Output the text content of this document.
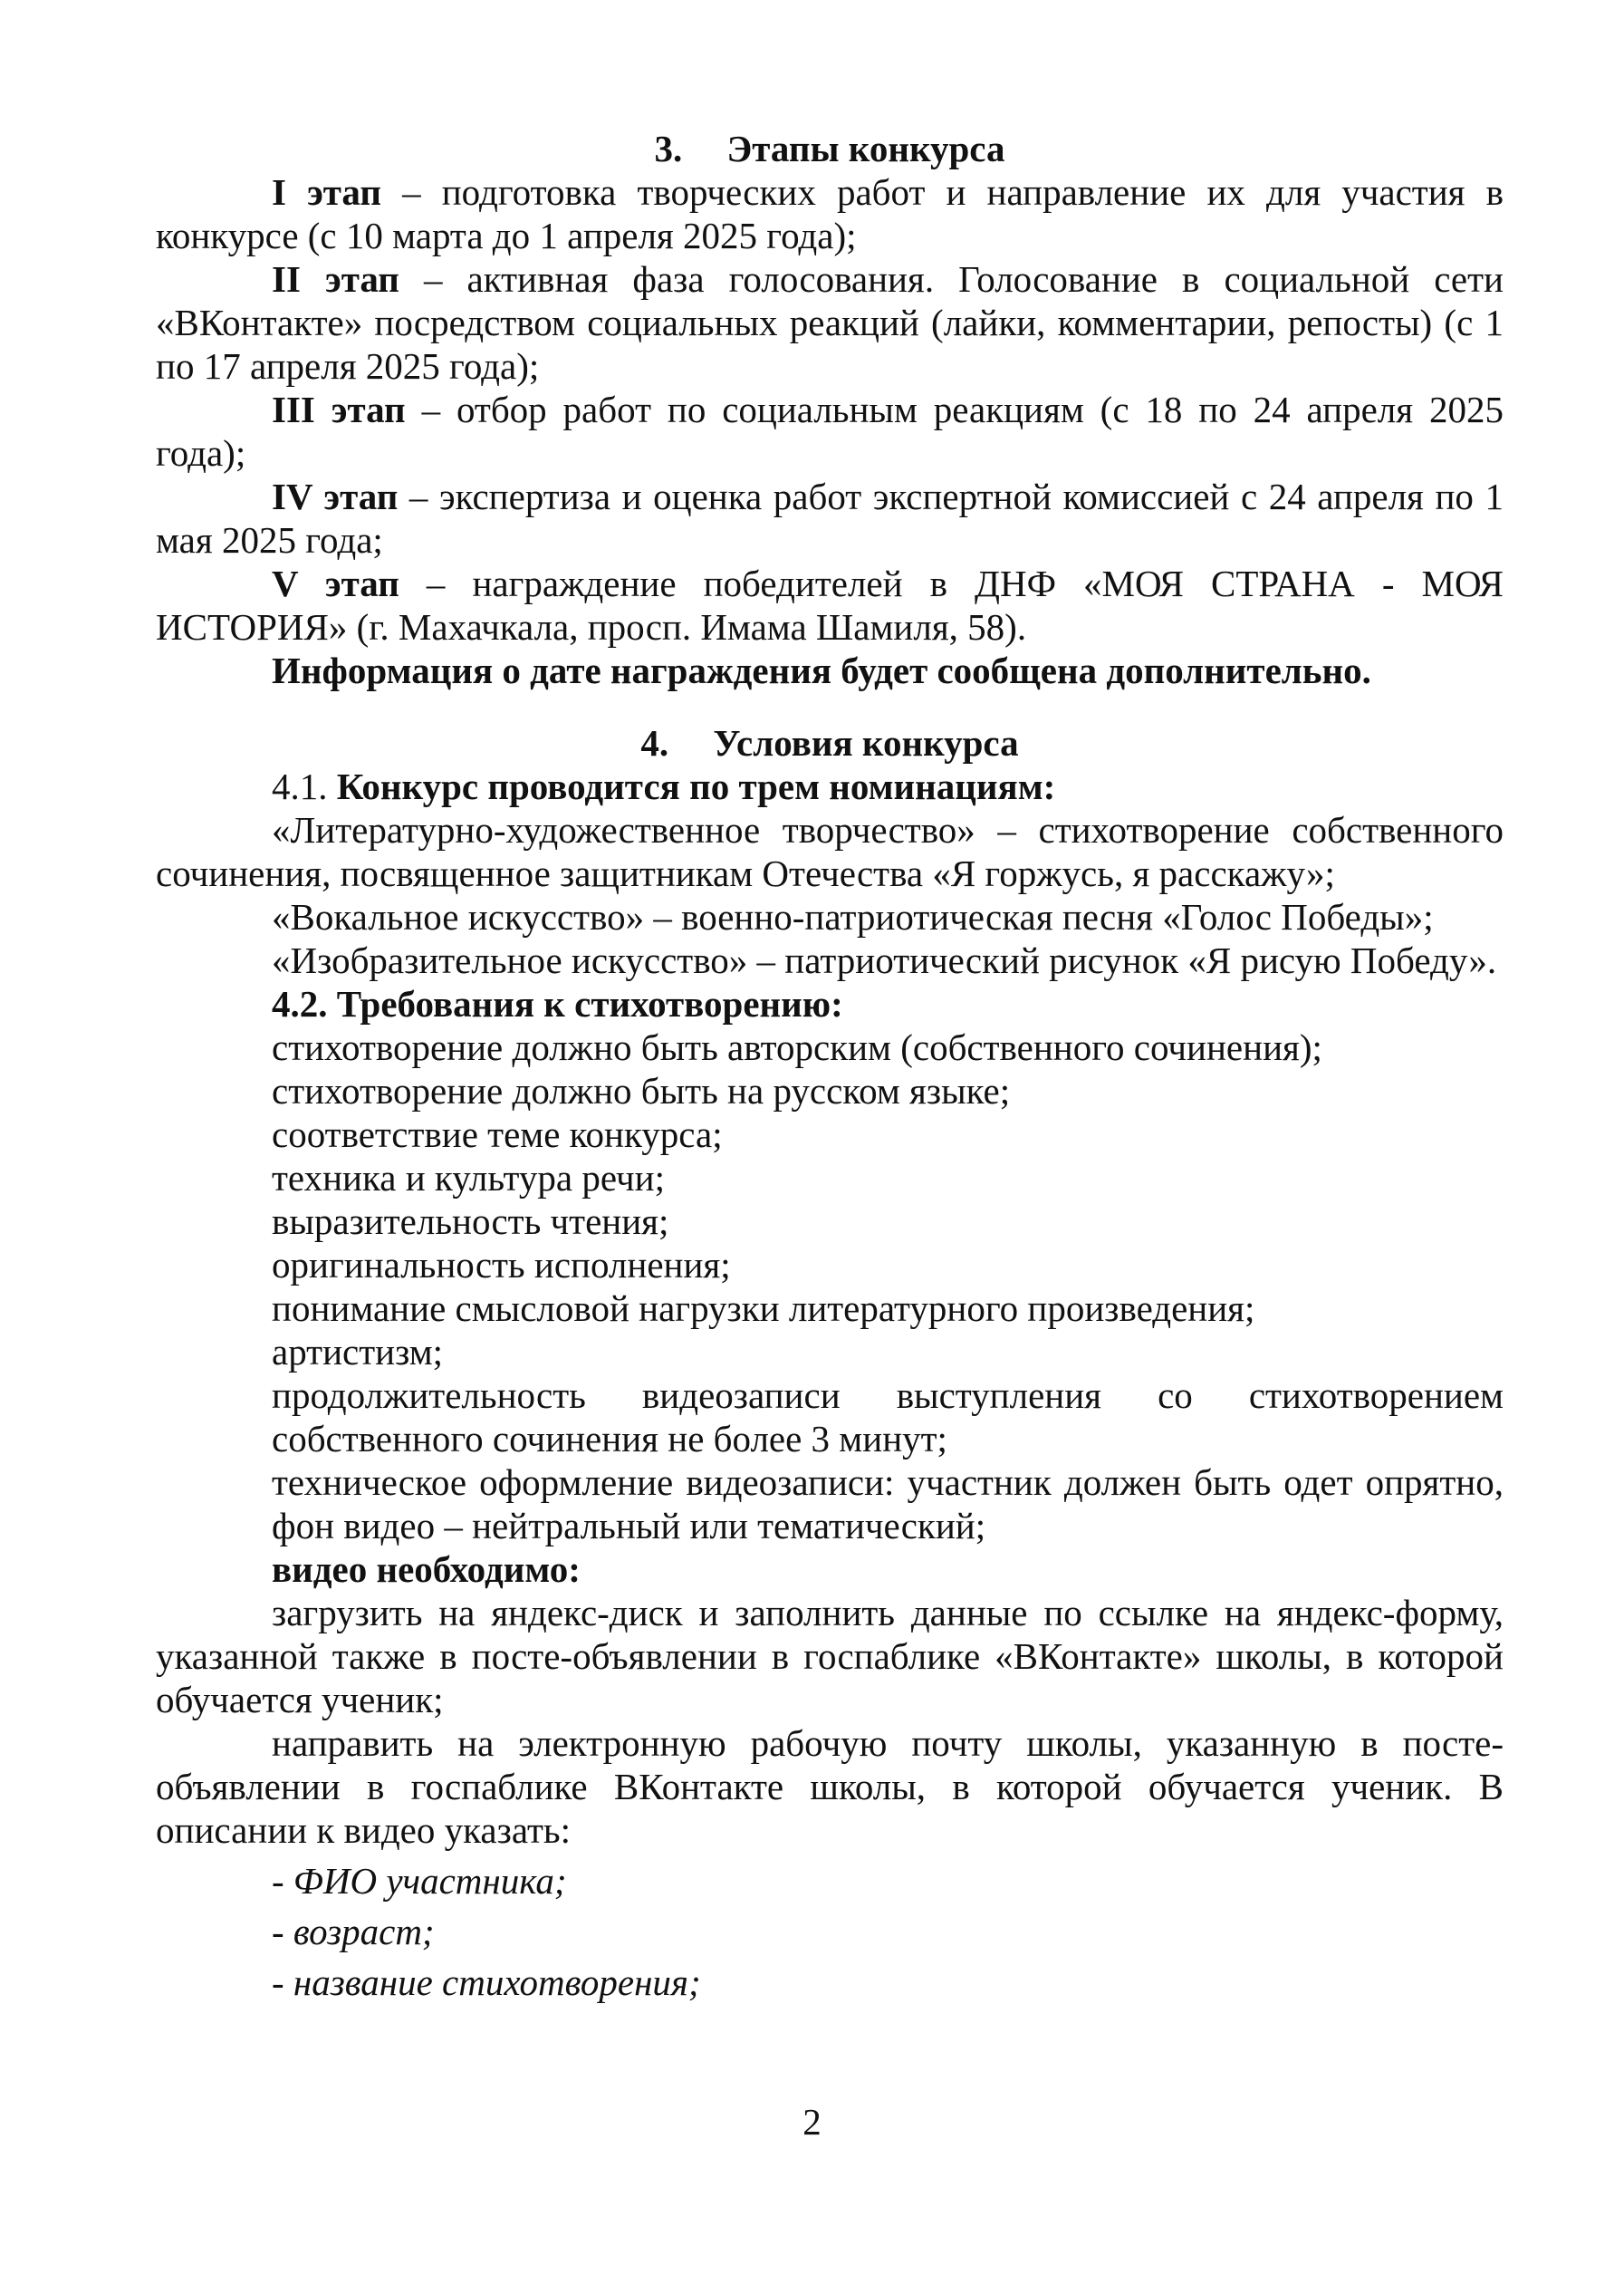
3. Этапы конкурса

I этап – подготовка творческих работ и направление их для участия в конкурсе (с 10 марта до 1 апреля 2025 года);

II этап – активная фаза голосования. Голосование в социальной сети «ВКонтакте» посредством социальных реакций (лайки, комментарии, репосты) (с 1 по 17 апреля 2025 года);

III этап – отбор работ по социальным реакциям (с 18 по 24 апреля 2025 года);

IV этап – экспертиза и оценка работ экспертной комиссией с 24 апреля по 1 мая 2025 года;

V этап – награждение победителей в ДНФ «МОЯ СТРАНА - МОЯ ИСТОРИЯ» (г. Махачкала, просп. Имама Шамиля, 58).

Информация о дате награждения будет сообщена дополнительно.

4. Условия конкурса

4.1. Конкурс проводится по трем номинациям:

«Литературно-художественное творчество» – стихотворение собственного сочинения, посвященное защитникам Отечества «Я горжусь, я расскажу»;

«Вокальное искусство» – военно-патриотическая песня «Голос Победы»;

«Изобразительное искусство» – патриотический рисунок «Я рисую Победу».

4.2. Требования к стихотворению:

стихотворение должно быть авторским (собственного сочинения);

стихотворение должно быть на русском языке;

соответствие теме конкурса;

техника и культура речи;

выразительность чтения;

оригинальность исполнения;

понимание смысловой нагрузки литературного произведения;

артистизм;

продолжительность видеозаписи выступления со стихотворением собственного сочинения не более 3 минут;

техническое оформление видеозаписи: участник должен быть одет опрятно, фон видео – нейтральный или тематический;

видео необходимо:

загрузить на яндекс-диск и заполнить данные по ссылке на яндекс-форму, указанной также в посте-объявлении в госпаблике «ВКонтакте» школы, в которой обучается ученик;

направить на электронную рабочую почту школы, указанную в посте-объявлении в госпаблике ВКонтакте школы, в которой обучается ученик. В описании к видео указать:

- ФИО участника;

- возраст;

- название стихотворения;

2
